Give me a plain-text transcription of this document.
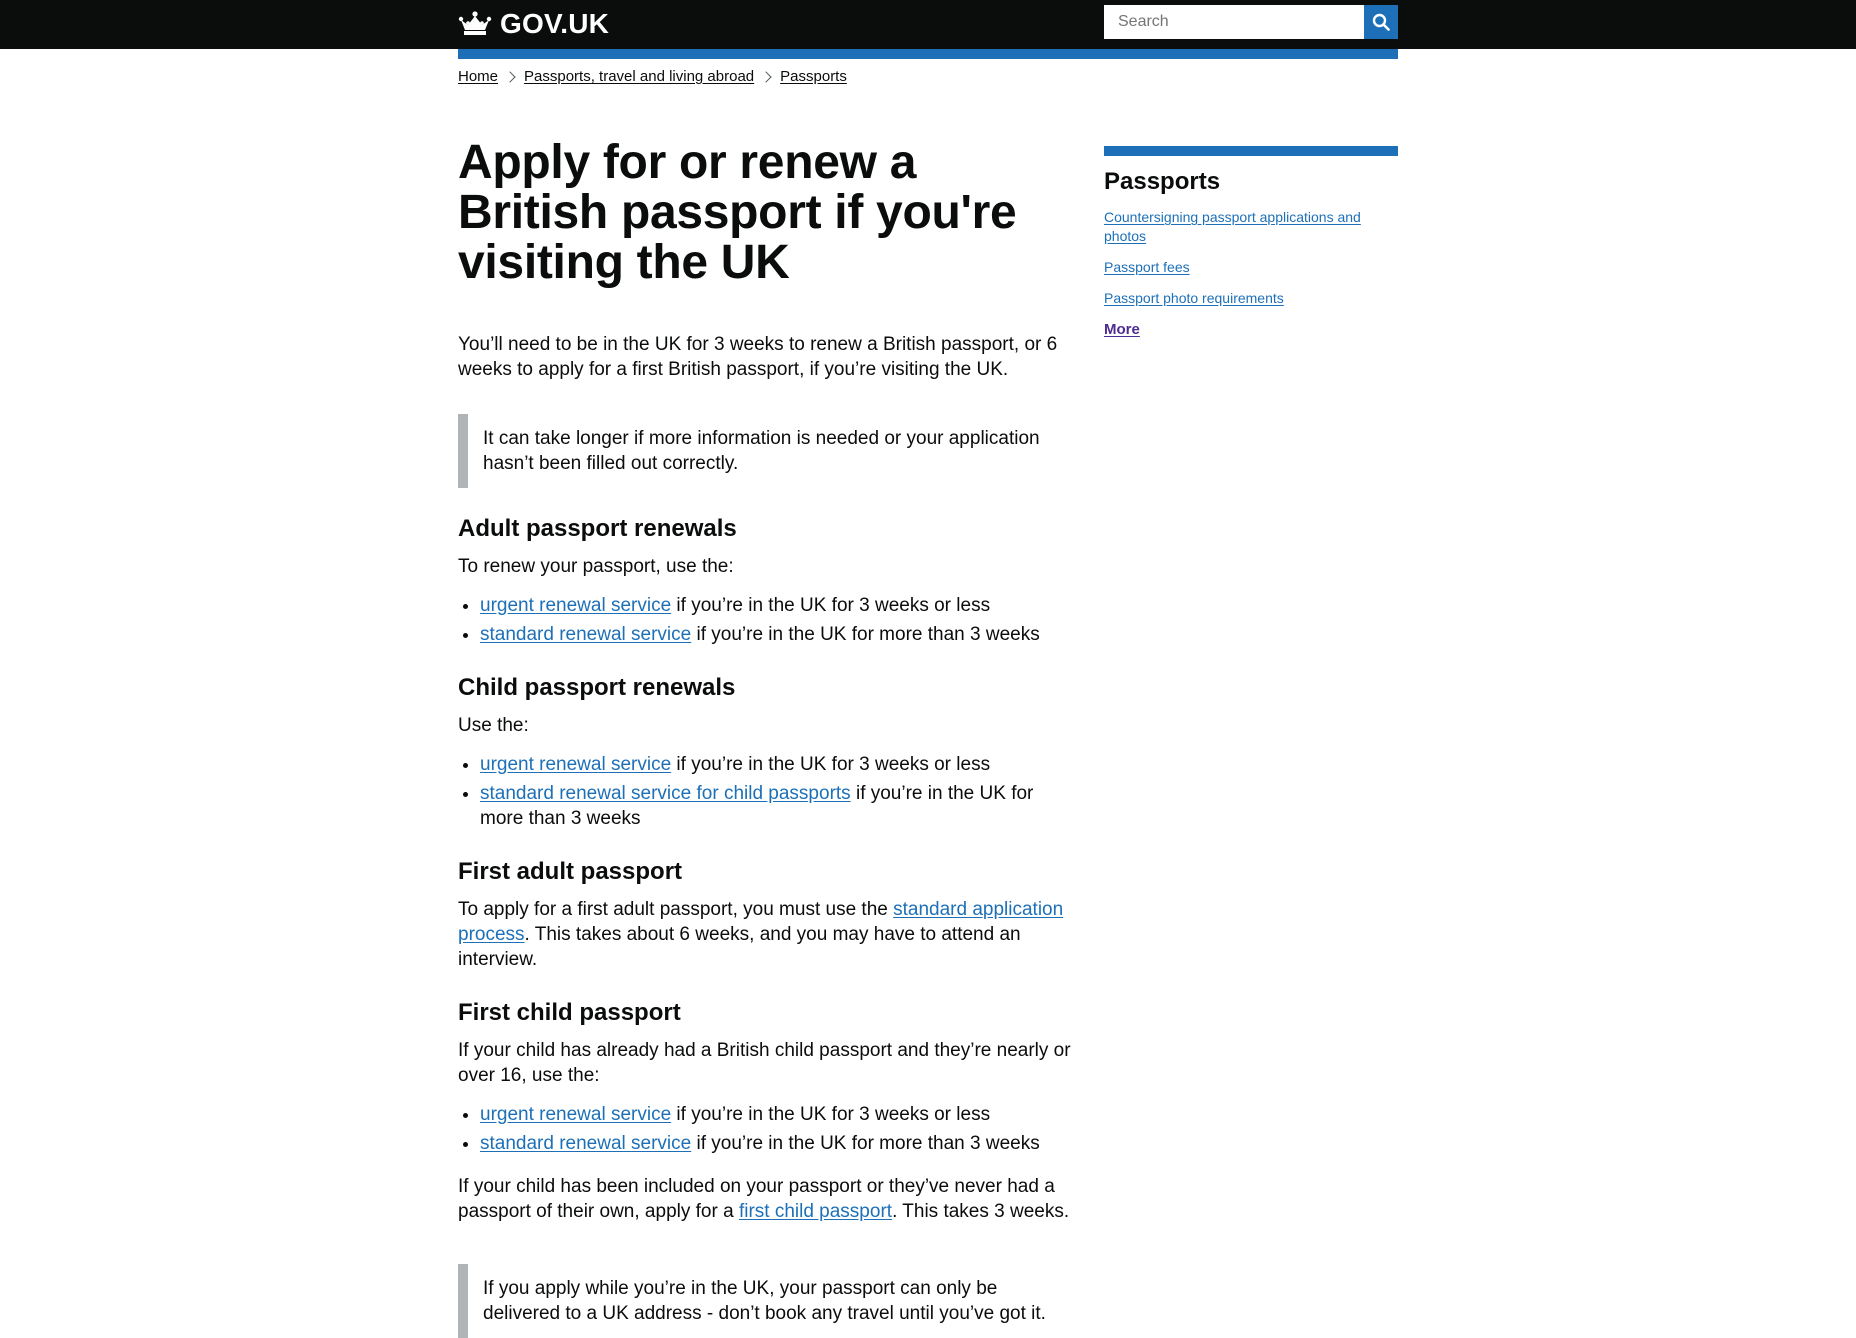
GOV.UK
Search
Home Passports, travel and living abroad Passports
Apply for or renew a British passport if you're visiting the UK

You’ll need to be in the UK for 3 weeks to renew a British passport, or 6 weeks to apply for a first British passport, if you’re visiting the UK.

It can take longer if more information is needed or your application hasn’t been filled out correctly.
Adult passport renewals

To renew your passport, use the:

• urgent renewal service if you’re in the UK for 3 weeks or less
• standard renewal service if you’re in the UK for more than 3 weeks
Child passport renewals

Use the:

• urgent renewal service if you’re in the UK for 3 weeks or less
• standard renewal service for child passports if you’re in the UK for more than 3 weeks
First adult passport

To apply for a first adult passport, you must use the standard application process. This takes about 6 weeks, and you may have to attend an interview.

First child passport

If your child has already had a British child passport and they’re nearly or over 16, use the:

• urgent renewal service if you’re in the UK for 3 weeks or less
• standard renewal service if you’re in the UK for more than 3 weeks

If your child has been included on your passport or they’ve never had a passport of their own, apply for a first child passport. This takes 3 weeks.

If you apply while you’re in the UK, your passport can only be delivered to a UK address - don’t book any travel until you’ve got it.
Passports
Countersigning passport applications and photos
Passport fees
Passport photo requirements
More
